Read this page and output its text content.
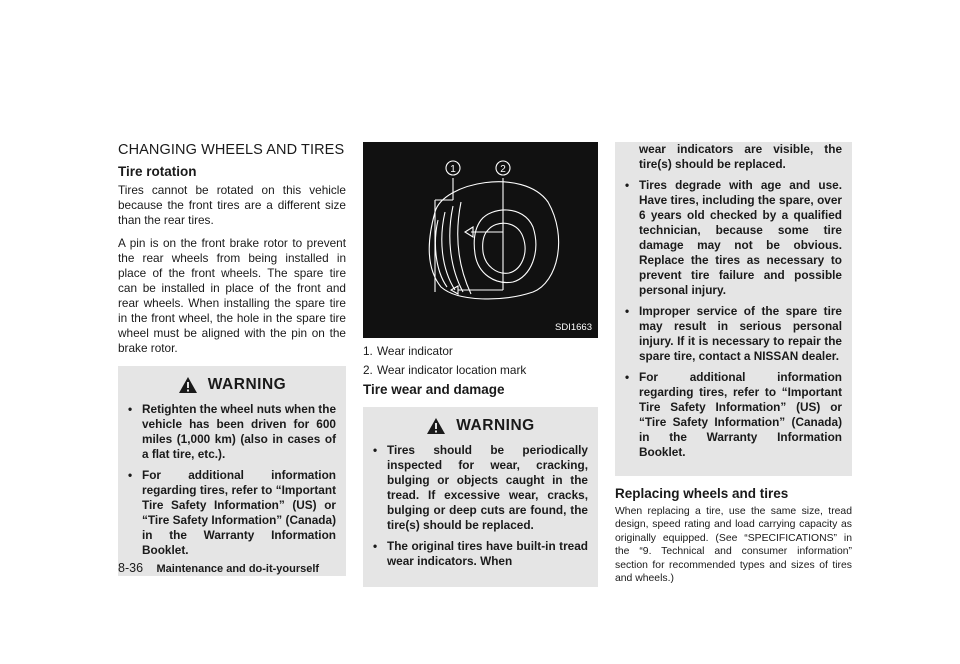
CHANGING WHEELS AND TIRES
Tire rotation

Tires cannot be rotated on this vehicle because the front tires are a different size than the rear tires.

A pin is on the front brake rotor to prevent the rear wheels from being installed in place of the front wheels. The spare tire can be installed in place of the front and rear wheels. When installing the spare tire in the front wheel, the hole in the spare tire wheel must be aligned with the pin on the brake rotor.

WARNING
• Retighten the wheel nuts when the vehicle has been driven for 600 miles (1,000 km) (also in cases of a flat tire, etc.).
• For additional information regarding tires, refer to “Important Tire Safety Information” (US) or “Tire Safety Information” (Canada) in the Warranty Information Booklet.
1	2
SDI1663
1. Wear indicator
2. Wear indicator location mark
Tire wear and damage
WARNING
• Tires should be periodically inspected for wear, cracking, bulging or objects caught in the tread. If excessive wear, cracks, bulging or deep cuts are found, the tire(s) should be replaced.
• The original tires have built-in tread wear indicators. When
wear indicators are visible, the tire(s) should be replaced.
• Tires degrade with age and use. Have tires, including the spare, over 6 years old checked by a qualified technician, because some tire damage may not be obvious. Replace the tires as necessary to prevent tire failure and possible personal injury.
• Improper service of the spare tire may result in serious personal injury. If it is necessary to repair the spare tire, contact a NISSAN dealer.
• For additional information regarding tires, refer to “Important Tire Safety Information” (US) or “Tire Safety Information” (Canada) in the Warranty Information Booklet.
Replacing wheels and tires

When replacing a tire, use the same size, tread design, speed rating and load carrying capacity as originally equipped. (See “SPECIFICATIONS” in the “9. Technical and consumer information” section for recommended types and sizes of tires and wheels.)

8-36 Maintenance and do-it-yourself
